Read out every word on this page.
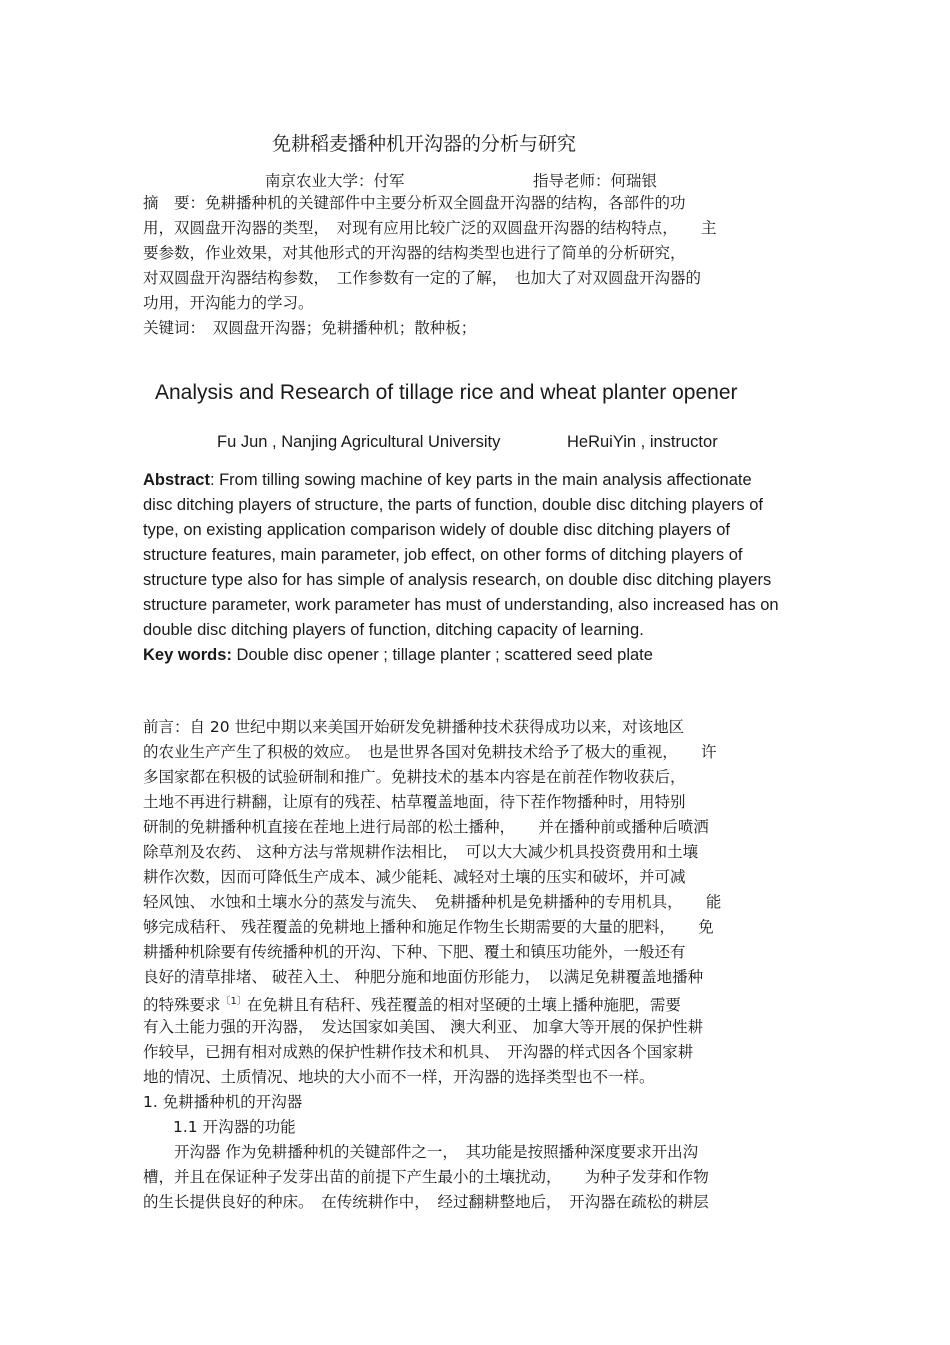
免耕稻麦播种机开沟器的分析与研究
南京农业大学：付军	指导老师：何瑞银
摘　要：免耕播种机的关键部件中主要分析双全圆盘开沟器的结构，各部件的功
用，双圆盘开沟器的类型，　对现有应用比较广泛的双圆盘开沟器的结构特点，　　主
要参数，作业效果，对其他形式的开沟器的结构类型也进行了简单的分析研究，
对双圆盘开沟器结构参数，　工作参数有一定的了解，　也加大了对双圆盘开沟器的
功用，开沟能力的学习。
关键词：　双圆盘开沟器；免耕播种机；散种板；
Analysis and Research of tillage rice and wheat planter opener
Fu Jun , Nanjing Agricultural University	HeRuiYin , instructor
Abstract: From tilling sowing machine of key parts in the main analysis affectionate
disc ditching players of structure, the parts of function, double disc ditching players of
type, on existing application comparison widely of double disc ditching players of
structure features, main parameter, job effect, on other forms of ditching players of
structure type also for has simple of analysis research, on double disc ditching players
structure parameter, work parameter has must of understanding, also increased has on
double disc ditching players of function, ditching capacity of learning.
Key words: Double disc opener ; tillage planter ; scattered seed plate
前言：自 20 世纪中期以来美国开始研发免耕播种技术获得成功以来，对该地区
的农业生产产生了积极的效应。　也是世界各国对免耕技术给予了极大的重视，　　许
多国家都在积极的试验研制和推广。免耕技术的基本内容是在前茬作物收获后，
土地不再进行耕翻，让原有的残茬、枯草覆盖地面，待下茬作物播种时，用特别
研制的免耕播种机直接在茬地上进行局部的松土播种，　　并在播种前或播种后喷洒
除草剂及农药、 这种方法与常规耕作法相比，　可以大大减少机具投资费用和土壤
耕作次数，因而可降低生产成本、减少能耗、减轻对土壤的压实和破坏，并可减
轻风蚀、 水蚀和土壤水分的蒸发与流失、　免耕播种机是免耕播种的专用机具，　　能
够完成秸秆、 残茬覆盖的免耕地上播种和施足作物生长期需要的大量的肥料，　　免
耕播种机除要有传统播种机的开沟、下种、下肥、覆土和镇压功能外，一般还有
良好的清草排堵、 破茬入土、 种肥分施和地面仿形能力，　以满足免耕覆盖地播种
的特殊要求$^{〔1〕}$在免耕且有秸秆、残茬覆盖的相对坚硬的土壤上播种施肥，需要
有入土能力强的开沟器，　发达国家如美国、 澳大利亚、 加拿大等开展的保护性耕
作较早，已拥有相对成熟的保护性耕作技术和机具、　开沟器的样式因各个国家耕
地的情况、土质情况、地块的大小而不一样，开沟器的选择类型也不一样。
1. 免耕播种机的开沟器
1.1 开沟器的功能
　　开沟器 作为免耕播种机的关键部件之一，　其功能是按照播种深度要求开出沟
槽，并且在保证种子发芽出苗的前提下产生最小的土壤扰动，　　为种子发芽和作物
的生长提供良好的种床。　在传统耕作中，　经过翻耕整地后，　开沟器在疏松的耕层
